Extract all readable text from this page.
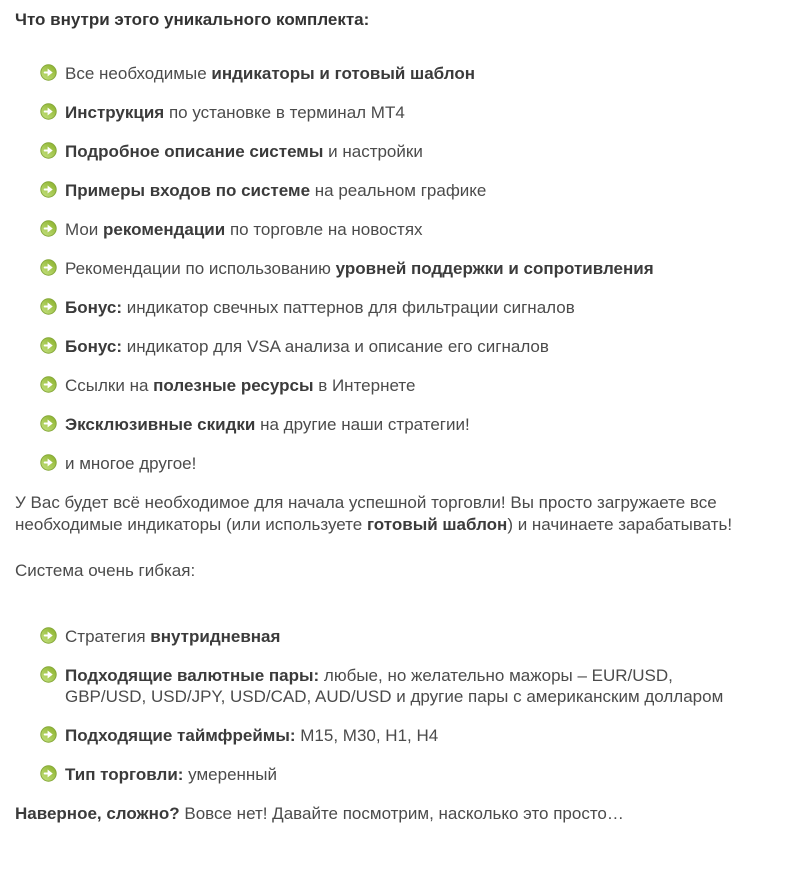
Что внутри этого уникального комплекта:
Все необходимые индикаторы и готовый шаблон
Инструкция по установке в терминал MT4
Подробное описание системы и настройки
Примеры входов по системе на реальном графике
Мои рекомендации по торговле на новостях
Рекомендации по использованию уровней поддержки и сопротивления
Бонус: индикатор свечных паттернов для фильтрации сигналов
Бонус: индикатор для VSA анализа и описание его сигналов
Ссылки на полезные ресурсы в Интернете
Эксклюзивные скидки на другие наши стратегии!
и многое другое!

У Вас будет всё необходимое для начала успешной торговли! Вы просто загружаете все необходимые индикаторы (или используете готовый шаблон) и начинаете зарабатывать!

Система очень гибкая:

Стратегия внутридневная
Подходящие валютные пары: любые, но желательно мажоры – EUR/USD, GBP/USD, USD/JPY, USD/CAD, AUD/USD и другие пары с американским долларом
Подходящие таймфреймы: M15, M30, H1, H4
Тип торговли: умеренный

Наверное, сложно? Вовсе нет! Давайте посмотрим, насколько это просто…
